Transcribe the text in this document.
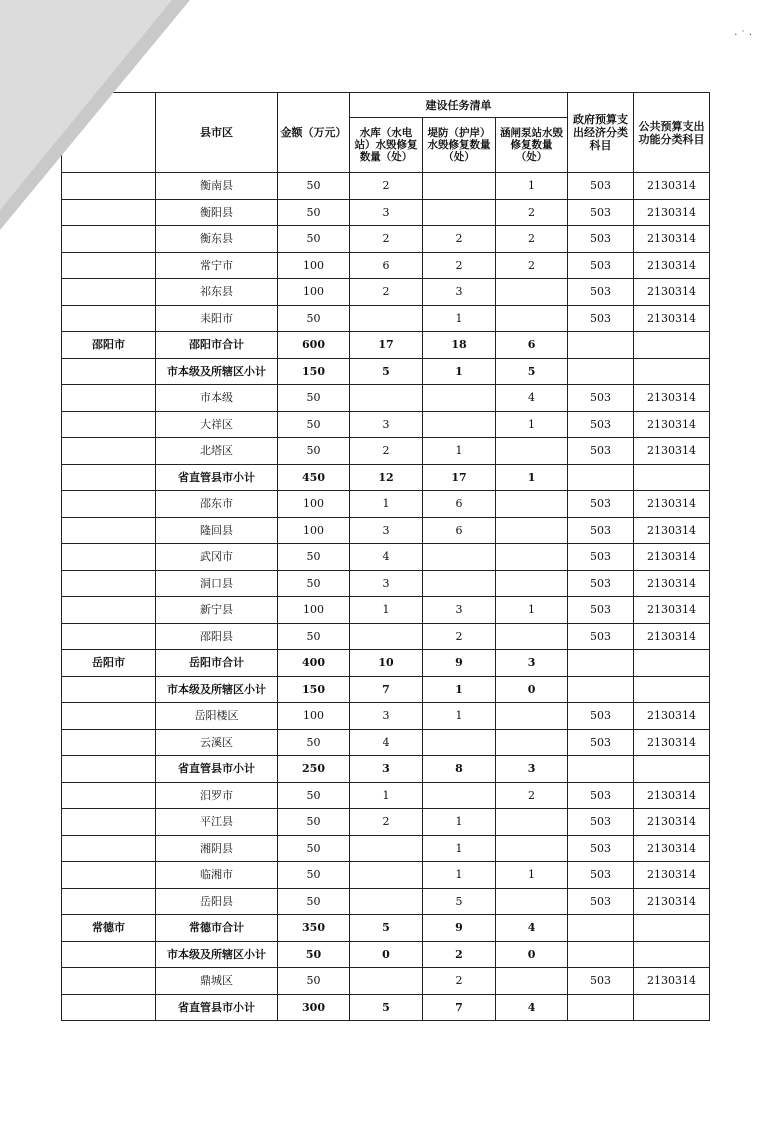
· ˙ ·
	县市区	金额（万元）	建设任务清单			政府预算支出经济分类科目	公共预算支出功能分类科目
			水库（水电站）水毁修复数量（处）	堤防（护岸）水毁修复数量（处）	涵闸泵站水毁修复数量（处）		
	衡南县	50	2		1	503	2130314
	衡阳县	50	3		2	503	2130314
	衡东县	50	2	2	2	503	2130314
	常宁市	100	6	2	2	503	2130314
	祁东县	100	2	3		503	2130314
	耒阳市	50		1		503	2130314
邵阳市	邵阳市合计	600	17	18	6		
	市本级及所辖区小计	150	5	1	5		
	市本级	50			4	503	2130314
	大祥区	50	3		1	503	2130314
	北塔区	50	2	1		503	2130314
	省直管县市小计	450	12	17	1		
	邵东市	100	1	6		503	2130314
	隆回县	100	3	6		503	2130314
	武冈市	50	4			503	2130314
	洞口县	50	3			503	2130314
	新宁县	100	1	3	1	503	2130314
	邵阳县	50		2		503	2130314
岳阳市	岳阳市合计	400	10	9	3		
	市本级及所辖区小计	150	7	1	0		
	岳阳楼区	100	3	1		503	2130314
	云溪区	50	4			503	2130314
	省直管县市小计	250	3	8	3		
	汨罗市	50	1		2	503	2130314
	平江县	50	2	1		503	2130314
	湘阴县	50		1		503	2130314
	临湘市	50		1	1	503	2130314
	岳阳县	50		5		503	2130314
常德市	常德市合计	350	5	9	4		
	市本级及所辖区小计	50	0	2	0		
	鼎城区	50		2		503	2130314
	省直管县市小计	300	5	7	4		
